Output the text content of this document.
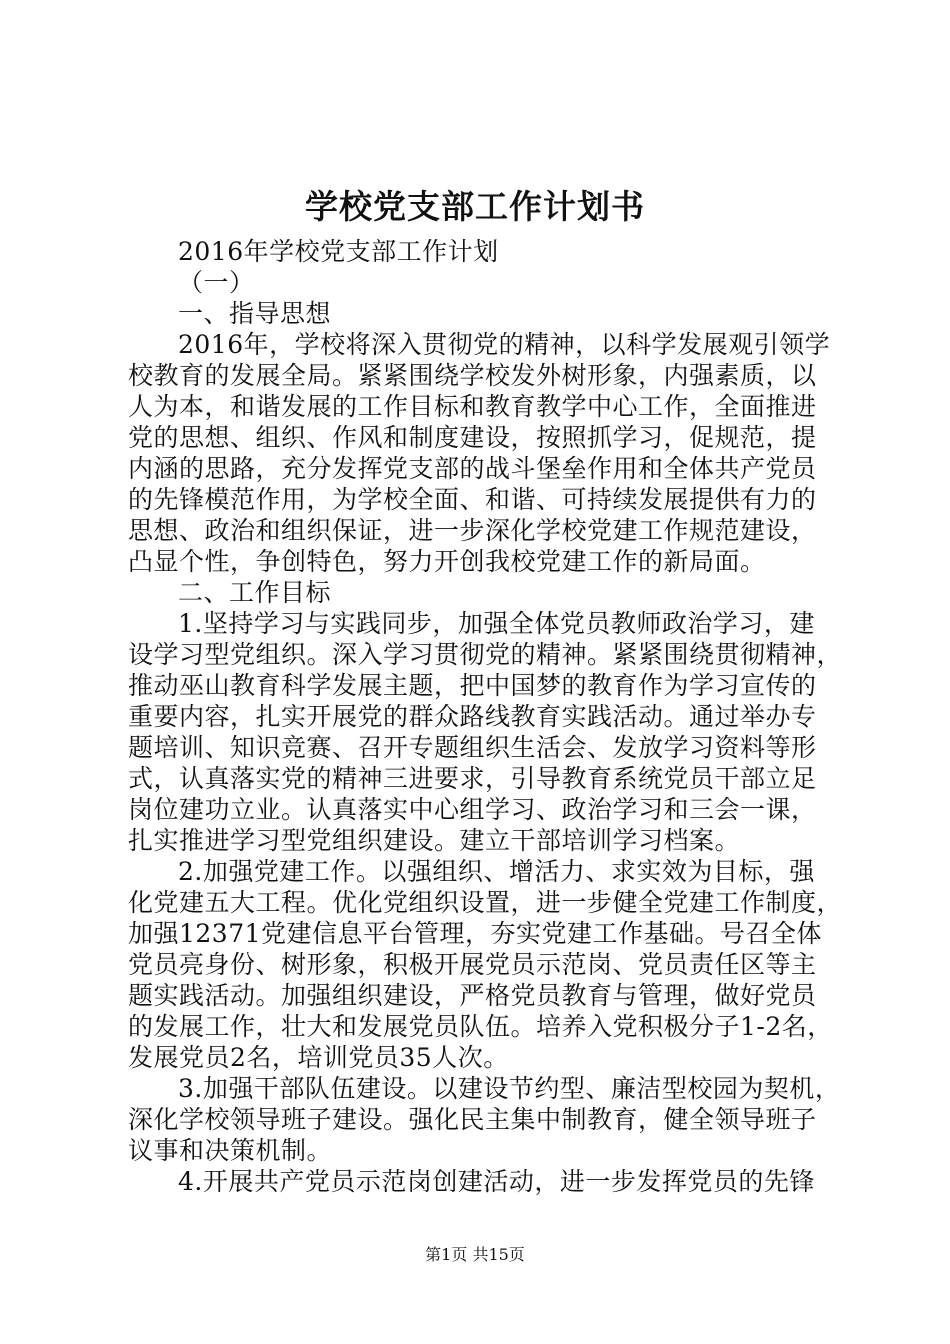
学校党支部工作计划书
2016年学校党支部工作计划
（一）
一、指导思想
2016年，学校将深入贯彻党的精神，以科学发展观引领学
校教育的发展全局。紧紧围绕学校发外树形象，内强素质，以
人为本，和谐发展的工作目标和教育教学中心工作，全面推进
党的思想、组织、作风和制度建设，按照抓学习，促规范，提
内涵的思路，充分发挥党支部的战斗堡垒作用和全体共产党员
的先锋模范作用，为学校全面、和谐、可持续发展提供有力的
思想、政治和组织保证，进一步深化学校党建工作规范建设，
凸显个性，争创特色，努力开创我校党建工作的新局面。
二、工作目标
1.坚持学习与实践同步，加强全体党员教师政治学习，建
设学习型党组织。深入学习贯彻党的精神。紧紧围绕贯彻精神，
推动巫山教育科学发展主题，把中国梦的教育作为学习宣传的
重要内容，扎实开展党的群众路线教育实践活动。通过举办专
题培训、知识竞赛、召开专题组织生活会、发放学习资料等形
式，认真落实党的精神三进要求，引导教育系统党员干部立足
岗位建功立业。认真落实中心组学习、政治学习和三会一课，
扎实推进学习型党组织建设。建立干部培训学习档案。
2.加强党建工作。以强组织、增活力、求实效为目标，强
化党建五大工程。优化党组织设置，进一步健全党建工作制度，
加强12371党建信息平台管理，夯实党建工作基础。号召全体
党员亮身份、树形象，积极开展党员示范岗、党员责任区等主
题实践活动。加强组织建设，严格党员教育与管理，做好党员
的发展工作，壮大和发展党员队伍。培养入党积极分子1-2名，
发展党员2名，培训党员35人次。
3.加强干部队伍建设。以建设节约型、廉洁型校园为契机，
深化学校领导班子建设。强化民主集中制教育，健全领导班子
议事和决策机制。
4.开展共产党员示范岗创建活动，进一步发挥党员的先锋
第1页 共15页
